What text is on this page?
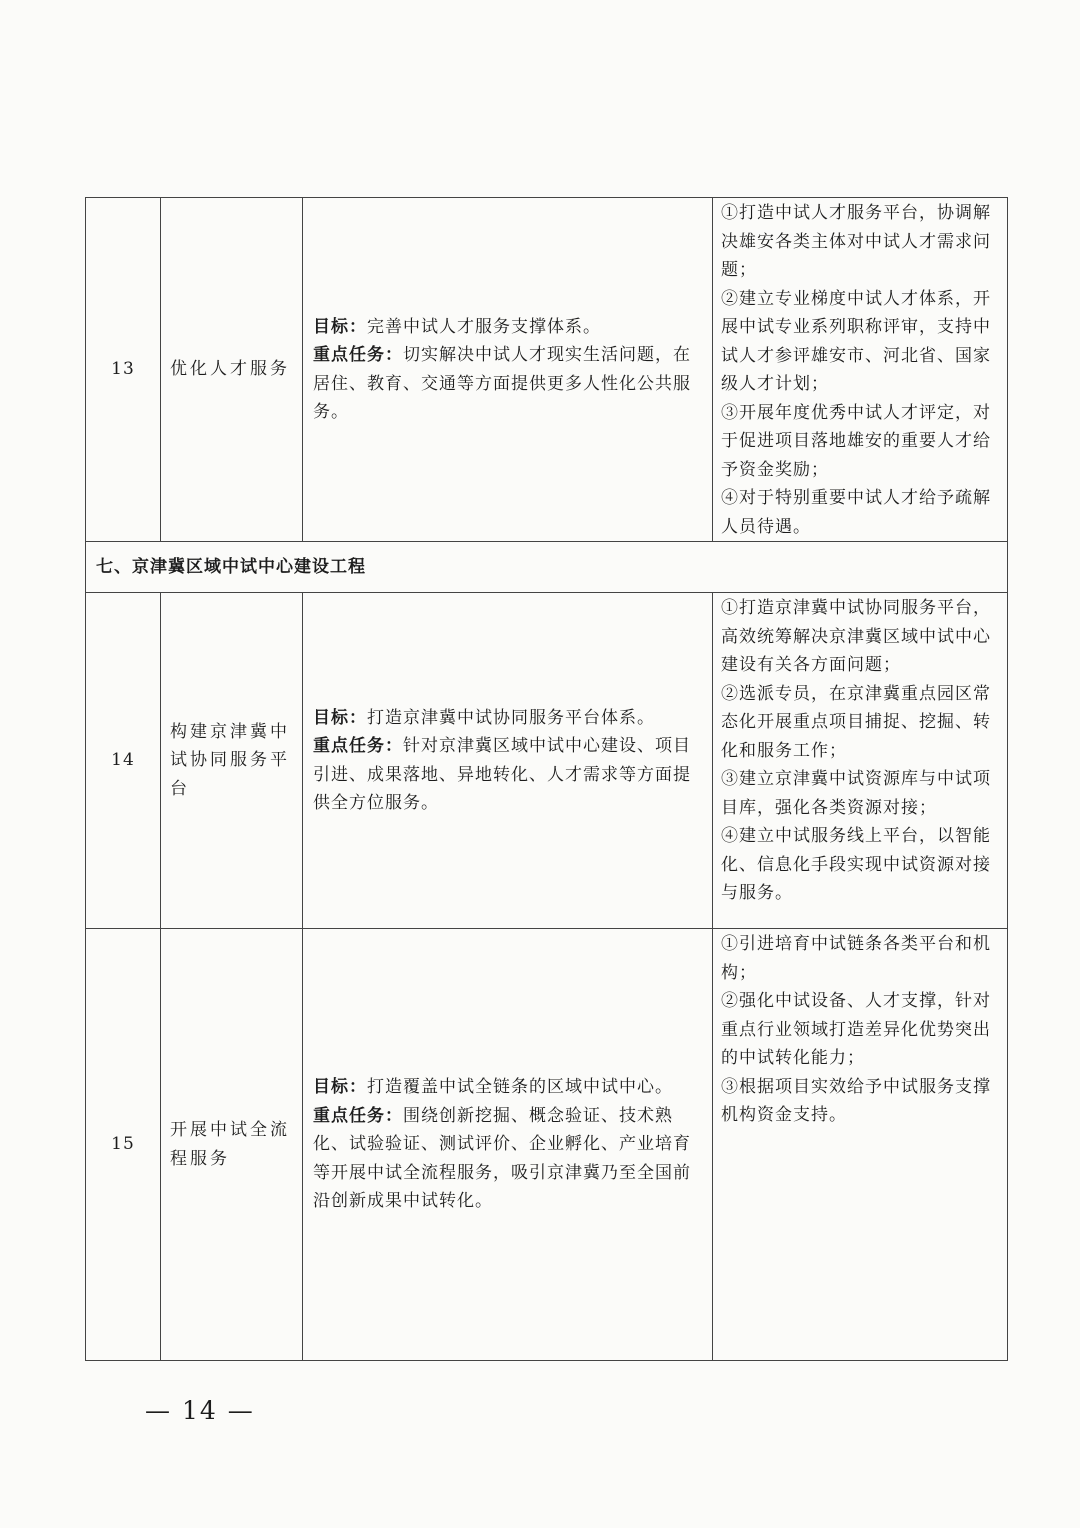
13	优化人才服务	目标：完善中试人才服务支撑体系。
重点任务：切实解决中试人才现实生活问题，在居住、教育、交通等方面提供更多人性化公共服务。	①打造中试人才服务平台，协调解决雄安各类主体对中试人才需求问题；
②建立专业梯度中试人才体系，开展中试专业系列职称评审，支持中试人才参评雄安市、河北省、国家级人才计划；
③开展年度优秀中试人才评定，对于促进项目落地雄安的重要人才给予资金奖励；
④对于特别重要中试人才给予疏解人员待遇。

七、京津冀区域中试中心建设工程			
14	构建京津冀中试协同服务平台	目标：打造京津冀中试协同服务平台体系。
重点任务：针对京津冀区域中试中心建设、项目引进、成果落地、异地转化、人才需求等方面提供全方位服务。	①打造京津冀中试协同服务平台，高效统筹解决京津冀区域中试中心建设有关各方面问题；
②选派专员，在京津冀重点园区常态化开展重点项目捕捉、挖掘、转化和服务工作；
③建立京津冀中试资源库与中试项目库，强化各类资源对接；
④建立中试服务线上平台，以智能化、信息化手段实现中试资源对接与服务。

15	开展中试全流程服务	目标：打造覆盖中试全链条的区域中试中心。
重点任务：围绕创新挖掘、概念验证、技术熟化、试验验证、测试评价、企业孵化、产业培育等开展中试全流程服务，吸引京津冀乃至全国前沿创新成果中试转化。	①引进培育中试链条各类平台和机构；
②强化中试设备、人才支撑，针对重点行业领域打造差异化优势突出的中试转化能力；
③根据项目实效给予中试服务支撑机构资金支持。
— 14 —
